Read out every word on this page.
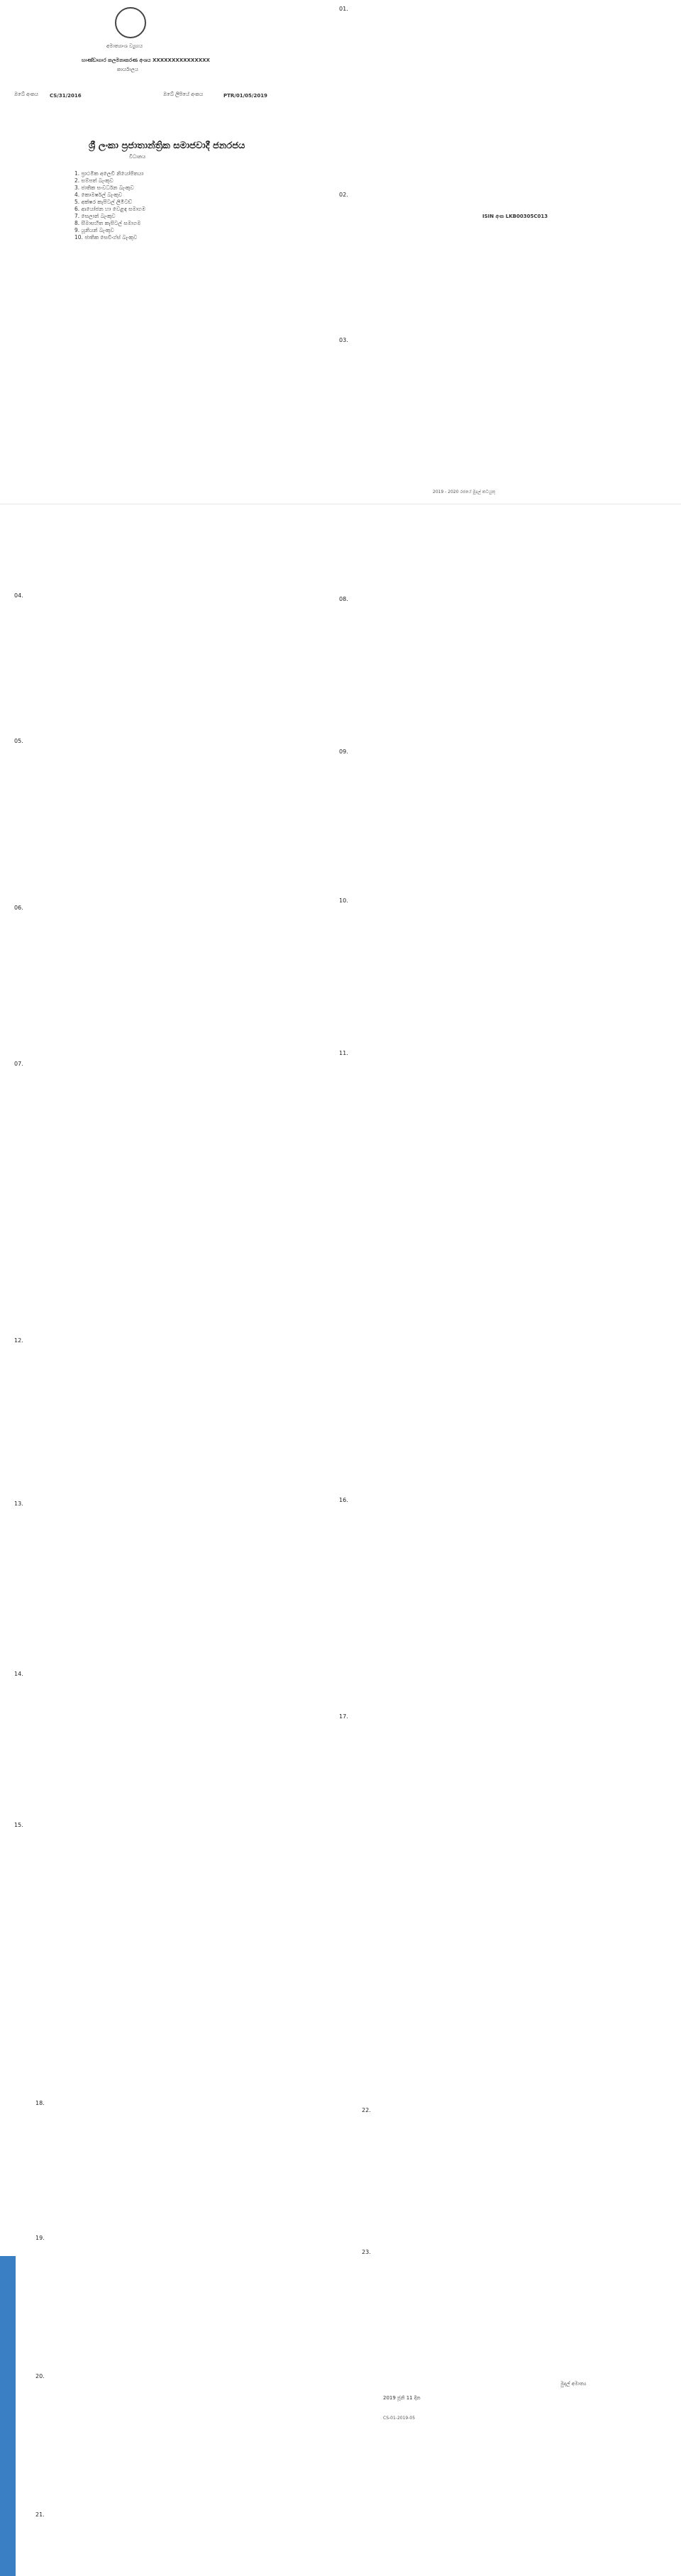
අමාත්‍යාංශ ව්‍යුහය
භාණ්ඩාගාර කලමනාකරණ අංශය XXXXXXXXXXXXXXX
කාර්යාලය
ඔබේ අංකය CS/31/2016	ඔබේ ලිපියේ අංකය	PTR/01/05/2019
ශ්‍රී ලංකා ප්‍රජාතාන්ත්‍රික සමාජවාදී ජනරජය
විධානය
1. ප්‍රාථමික අලෙවි නියෝජිතයා
2. සම්පත් බැංකුව
3. ජාතික සංවර්ධන බැංකුව
4. කොමර්ෂල් බැංකුව
5. අක්ෂර කැපිටල් ලිමිටඩ්
6. ආයෝජන හා වෙළඳ සමාගම
7. සෙලාන් බැංකුව
8. සීමාසහිත කැපිටල් සමාගම
9. යූනියන් බැංකුව
10. ජාතික සෙවිංග්ස් බැංකුව
01.
02.
03.
ISIN අංක LKB00305C013
2019 - 2020 රජයේ මුදල් කටයුතු
04.
05.
06.
07.
08.
09.
10.
11.
12.
13.
14.
15.
16.
17.
18.
19.
20.
21.
22.
23.
මුදල් අමාත්‍ය
2019 ජූනි 11 දින
CS-01-2019-05
